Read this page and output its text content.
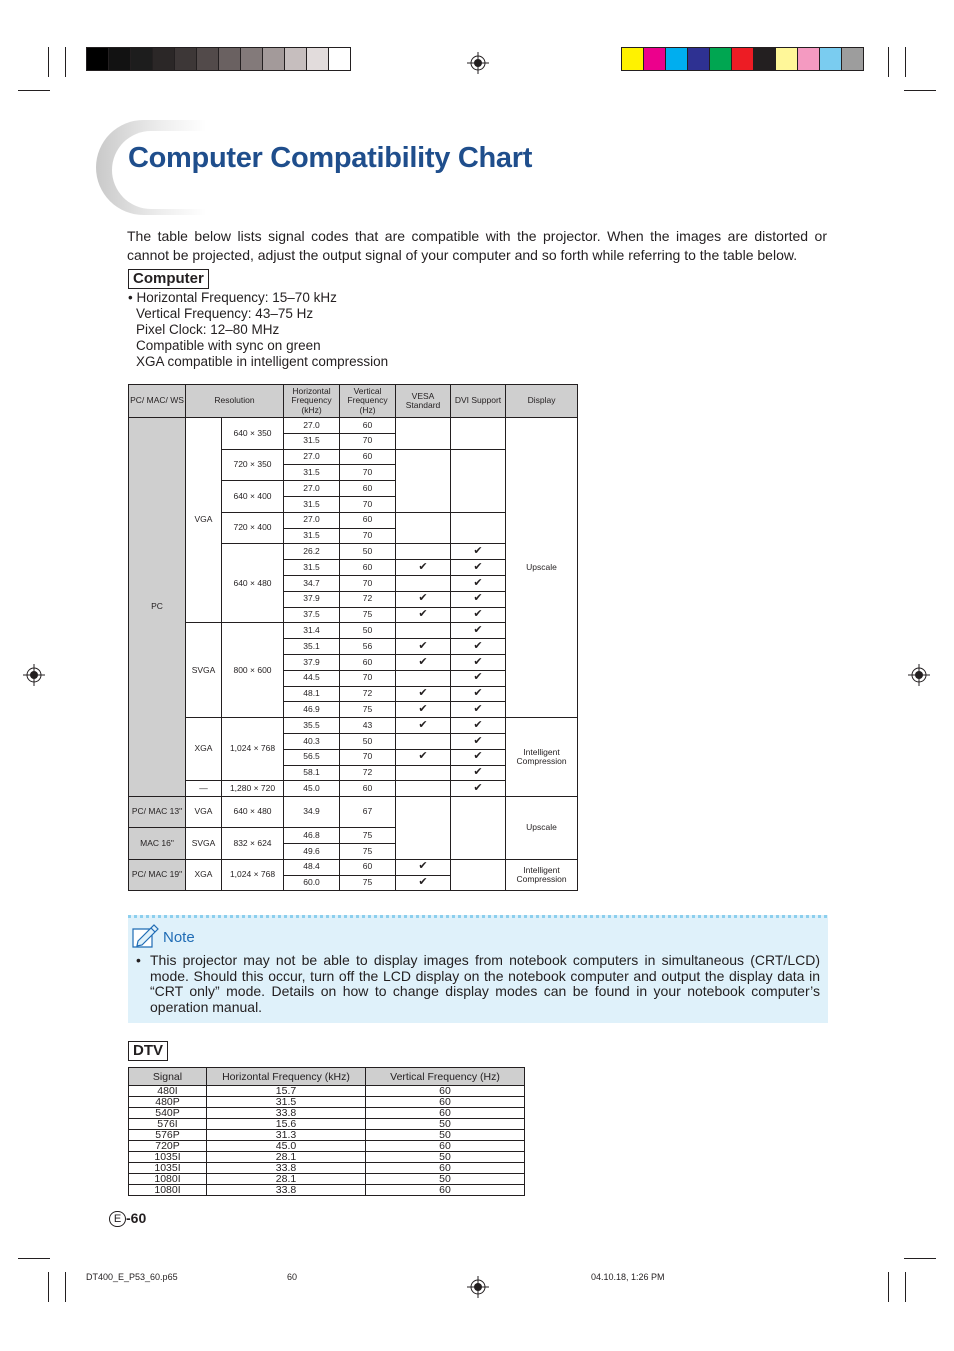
Computer Compatibility Chart
The table below lists signal codes that are compatible with the projector. When the images are distorted or cannot be projected, adjust the output signal of your computer and so forth while referring to the table below.
Computer
• Horizontal Frequency: 15–70 kHz
Vertical Frequency: 43–75 Hz
Pixel Clock: 12–80 MHz
Compatible with sync on green
XGA compatible in intelligent compression
PC/ MAC/ WS	Resolution		Horizontal Frequency (kHz)	Vertical Frequency (Hz)	VESA Standard	DVI Support	Display
PC	VGA	640 × 350	27.0	60			Upscale
			31.5	70			
		720 × 350	27.0	60			
			31.5	70			
		640 × 400	27.0	60			
			31.5	70			
		720 × 400	27.0	60			
			31.5	70			
		640 × 480	26.2	50		✔	
			31.5	60	✔	✔	
			34.7	70		✔	
			37.9	72	✔	✔	
			37.5	75	✔	✔	
	SVGA	800 × 600	31.4	50		✔	
			35.1	56	✔	✔	
			37.9	60	✔	✔	
			44.5	70		✔	
			48.1	72	✔	✔	
			46.9	75	✔	✔	
	XGA	1,024 × 768	35.5	43	✔	✔	Intelligent Compression
			40.3	50		✔	
			56.5	70	✔	✔	
			58.1	72		✔	
	—	1,280 × 720	45.0	60		✔	
PC/ MAC 13"	VGA	640 × 480	34.9	67			Upscale
MAC 16"	SVGA	832 × 624	46.8	75			
			49.6	75			
PC/ MAC 19"	XGA	1,024 × 768	48.4	60	✔		Intelligent Compression
			60.0	75	✔		
Note
• This projector may not be able to display images from notebook computers in simultaneous (CRT/LCD) mode. Should this occur, turn off the LCD display on the notebook computer and output the display data in “CRT only” mode. Details on how to change display modes can be found in your notebook computer’s operation manual.
DTV
Signal	Horizontal Frequency (kHz)	Vertical Frequency (Hz)
480I	15.7	60
480P	31.5	60
540P	33.8	60
576I	15.6	50
576P	31.3	50
720P	45.0	60
1035I	28.1	50
1035I	33.8	60
1080I	28.1	50
1080I	33.8	60
E -60
DT400_E_P53_60.p65	60	04.10.18, 1:26 PM
